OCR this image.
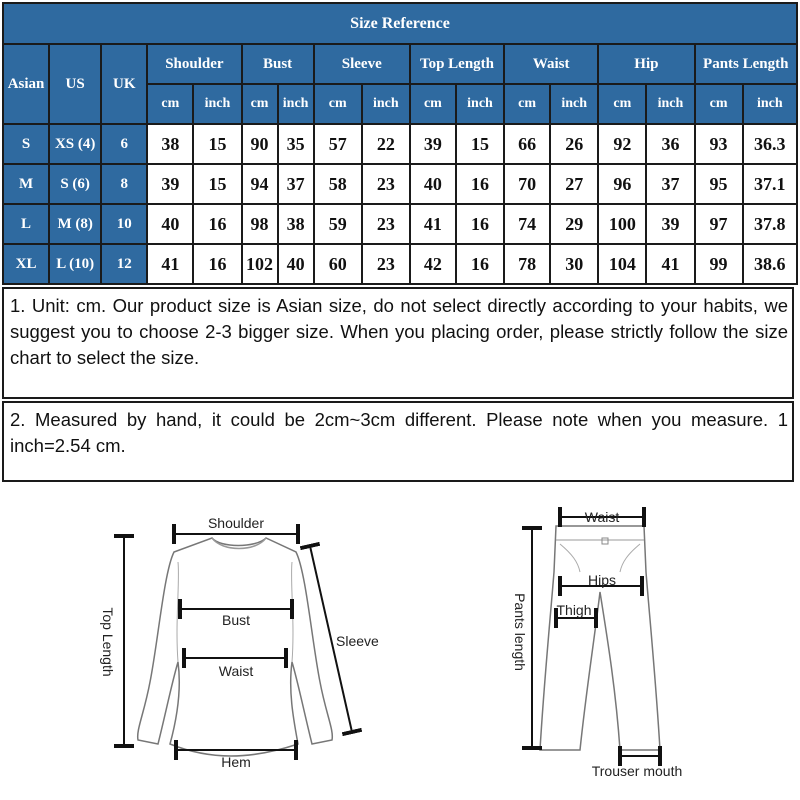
Size Reference																
Asian	US	UK	Shoulder		Bust		Sleeve		Top Length		Waist		Hip		Pants Length	
			cm	inch	cm	inch	cm	inch	cm	inch	cm	inch	cm	inch	cm	inch
S	XS (4)	6	38	15	90	35	57	22	39	15	66	26	92	36	93	36.3
M	S (6)	8	39	15	94	37	58	23	40	16	70	27	96	37	95	37.1
L	M (8)	10	40	16	98	38	59	23	41	16	74	29	100	39	97	37.8
XL	L (10)	12	41	16	102	40	60	23	42	16	78	30	104	41	99	38.6
1. Unit: cm. Our product size is Asian size, do not select directly according to your habits, we suggest you to choose 2-3 bigger size. When you placing order, please strictly follow the size chart to select the size.
2. Measured by hand, it could be 2cm~3cm different. Please note when you measure. 1 inch=2.54 cm.
Shoulder
Bust
Waist
Top Length	Sleeve
Hem
Waist
Hips
Thigh
Pants length
Trouser mouth
